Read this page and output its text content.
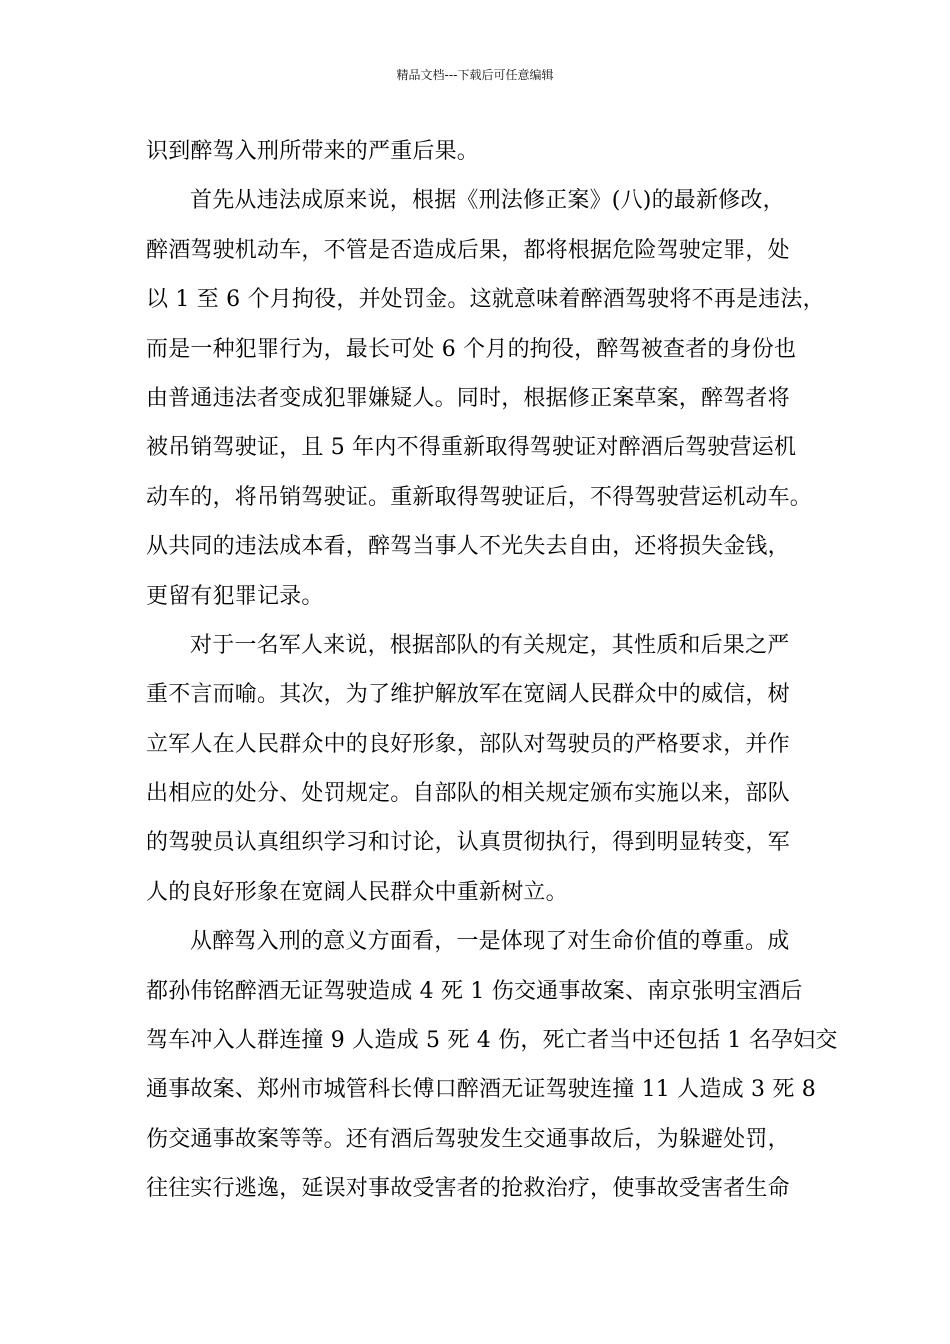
精品文档---下载后可任意编辑
识到醉驾入刑所带来的严重后果。
首先从违法成原来说，根据《刑法修正案》(八)的最新修改，
醉酒驾驶机动车，不管是否造成后果，都将根据危险驾驶定罪，处
以 1 至 6 个月拘役，并处罚金。这就意味着醉酒驾驶将不再是违法，
而是一种犯罪行为，最长可处 6 个月的拘役，醉驾被查者的身份也
由普通违法者变成犯罪嫌疑人。同时，根据修正案草案，醉驾者将
被吊销驾驶证，且 5 年内不得重新取得驾驶证对醉酒后驾驶营运机
动车的，将吊销驾驶证。重新取得驾驶证后，不得驾驶营运机动车。
从共同的违法成本看，醉驾当事人不光失去自由，还将损失金钱，
更留有犯罪记录。
对于一名军人来说，根据部队的有关规定，其性质和后果之严
重不言而喻。其次，为了维护解放军在宽阔人民群众中的威信，树
立军人在人民群众中的良好形象，部队对驾驶员的严格要求，并作
出相应的处分、处罚规定。自部队的相关规定颁布实施以来，部队
的驾驶员认真组织学习和讨论，认真贯彻执行，得到明显转变，军
人的良好形象在宽阔人民群众中重新树立。
从醉驾入刑的意义方面看，一是体现了对生命价值的尊重。成
都孙伟铭醉酒无证驾驶造成 4 死 1 伤交通事故案、南京张明宝酒后
驾车冲入人群连撞 9 人造成 5 死 4 伤，死亡者当中还包括 1 名孕妇交
通事故案、郑州市城管科长傅口醉酒无证驾驶连撞 11 人造成 3 死 8
伤交通事故案等等。还有酒后驾驶发生交通事故后，为躲避处罚，
往往实行逃逸，延误对事故受害者的抢救治疗，使事故受害者生命
